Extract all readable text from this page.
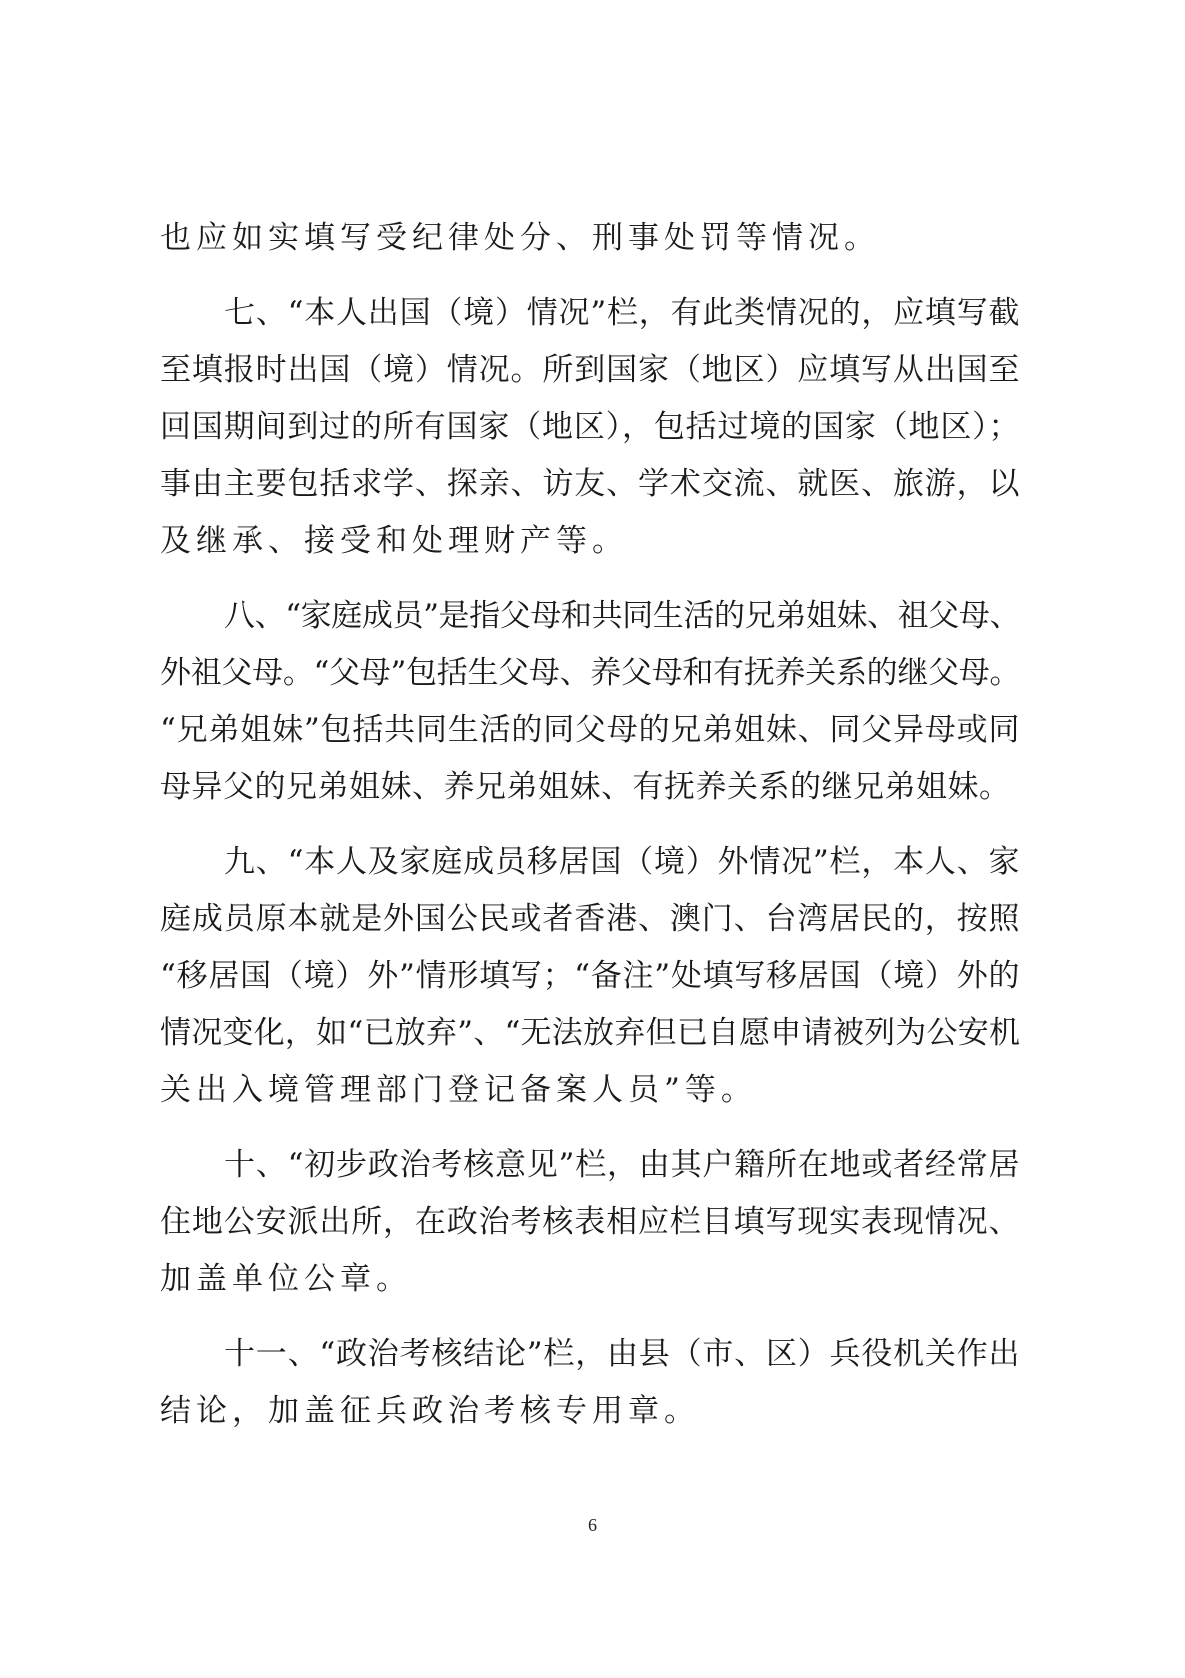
也应如实填写受纪律处分、刑事处罚等情况。
七、“本人出国（境）情况”栏，有此类情况的，应填写截
至填报时出国（境）情况。所到国家（地区）应填写从出国至
回国期间到过的所有国家（地区），包括过境的国家（地区）；
事由主要包括求学、探亲、访友、学术交流、就医、旅游，以
及继承、接受和处理财产等。
八、“家庭成员”是指父母和共同生活的兄弟姐妹、祖父母、
外祖父母。“父母”包括生父母、养父母和有抚养关系的继父母。
“兄弟姐妹”包括共同生活的同父母的兄弟姐妹、同父异母或同
母异父的兄弟姐妹、养兄弟姐妹、有抚养关系的继兄弟姐妹。
九、“本人及家庭成员移居国（境）外情况”栏，本人、家
庭成员原本就是外国公民或者香港、澳门、台湾居民的，按照
“移居国（境）外”情形填写；“备注”处填写移居国（境）外的
情况变化，如“已放弃”、“无法放弃但已自愿申请被列为公安机
关出入境管理部门登记备案人员”等。
十、“初步政治考核意见”栏，由其户籍所在地或者经常居
住地公安派出所，在政治考核表相应栏目填写现实表现情况、
加盖单位公章。
十一、“政治考核结论”栏，由县（市、区）兵役机关作出
结论，加盖征兵政治考核专用章。
6
